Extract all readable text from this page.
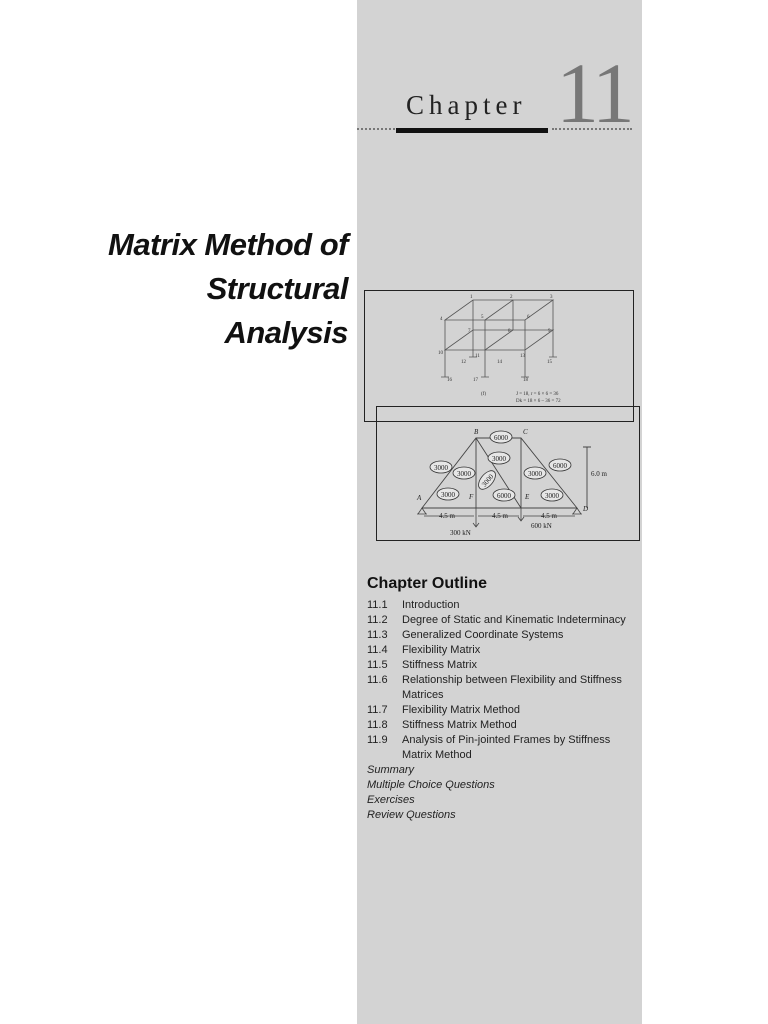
Chapter 11
Matrix Method of
Structural
Analysis
1	2	3
4	5	6
7	8	9
10
11
12
13
14	15
16	17	18
(f)	J = 18, r = 6 × 6 = 36
Dk = 18 × 6 – 36 = 72
6000
3000
3000
6000
3000
3000	3000
3000	6000	3000
A
B	C
D
E
F
4.5 m	4.5 m	4.5 m
6.0 m
300 kN
600 kN
Chapter Outline
11.1	Introduction
11.2	Degree of Static and Kinematic Indeterminacy
11.3	Generalized Coordinate Systems
11.4	Flexibility Matrix
11.5	Stiffness Matrix
11.6	Relationship between Flexibility and Stiffness Matrices
11.7	Flexibility Matrix Method
11.8	Stiffness Matrix Method
11.9	Analysis of Pin-jointed Frames by Stiffness Matrix Method
Summary
Multiple Choice Questions
Exercises
Review Questions
